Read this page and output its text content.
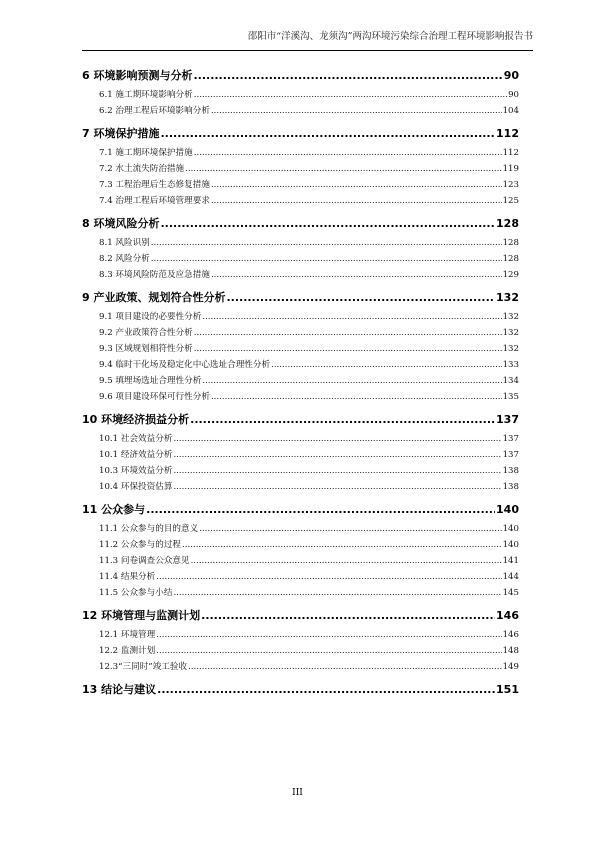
邵阳市“洋溪沟、龙须沟”两沟环境污染综合治理工程环境影响报告书
6 环境影响预测与分析 .....	90
6.1 施工期环境影响分析 .....	90
6.2 治理工程后环境影响分析 .....	104
7 环境保护措施 .....	112
7.1 施工期环境保护措施 .....	112
7.2 水土流失防治措施 .....	119
7.3 工程治理后生态修复措施 .....	123
7.4 治理工程后环境管理要求 .....	125
8 环境风险分析 .....	128
8.1 风险识别 .....	128
8.2 风险分析 .....	128
8.3 环境风险防范及应急措施 .....	129
9 产业政策、规划符合性分析 .....	132
9.1 项目建设的必要性分析 .....	132
9.2 产业政策符合性分析 .....	132
9.3 区域规划相符性分析 .....	132
9.4 临时干化场及稳定化中心选址合理性分析 .....	133
9.5 填埋场选址合理性分析 .....	134
9.6 项目建设环保可行性分析 .....	135
10 环境经济损益分析 .....	137
10.1 社会效益分析 .....	137
10.1 经济效益分析 .....	137
10.3 环境效益分析 .....	138
10.4 环保投资估算 .....	138
11 公众参与 .....	140
11.1 公众参与的目的意义 .....	140
11.2 公众参与的过程 .....	140
11.3 问卷调查公众意见 .....	141
11.4 结果分析 .....	144
11.5 公众参与小结 .....	145
12 环境管理与监测计划 .....	146
12.1 环境管理 .....	146
12.2 监测计划 .....	148
12.3“三同时”竣工验收 .....	149
13 结论与建议 .....	151
III
